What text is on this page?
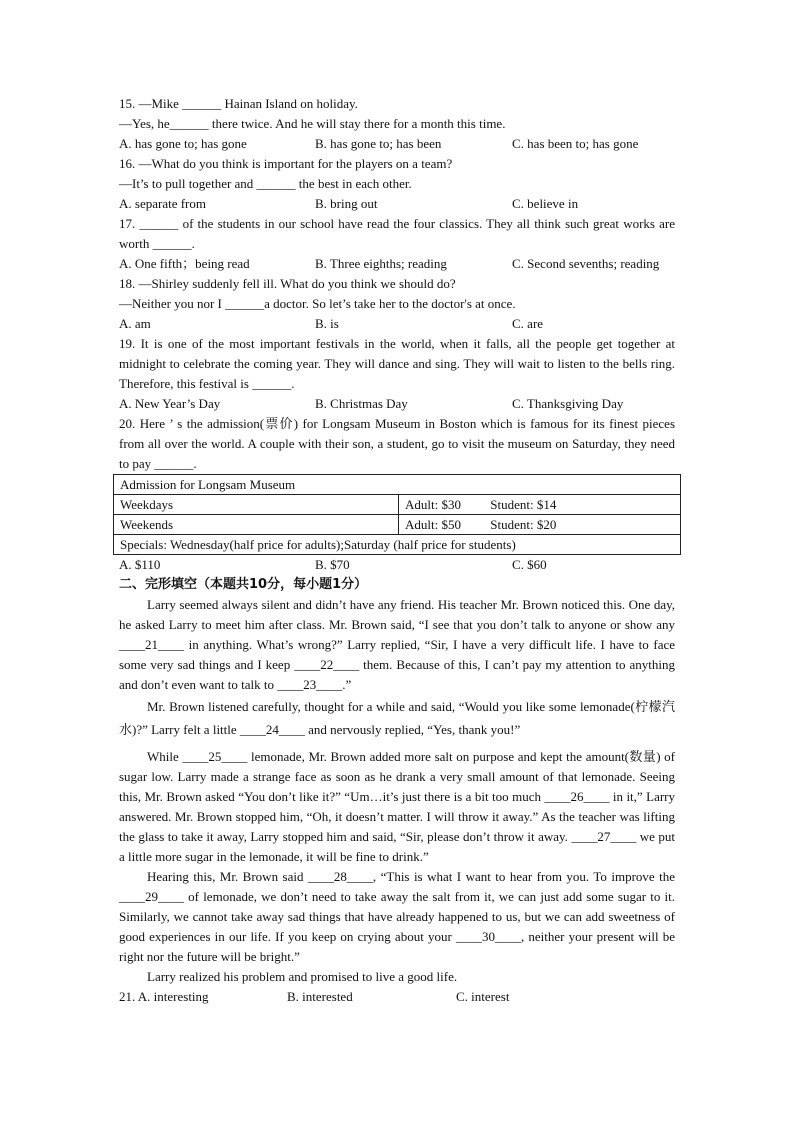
15. —Mike ______ Hainan Island on holiday.
—Yes, he______ there twice. And he will stay there for a month this time.
A. has gone to; has gone	B. has gone to; has been	C. has been to; has gone
16. —What do you think is important for the players on a team?
—It’s to pull together and ______ the best in each other.
A. separate from	B. bring out	C. believe in

17. ______ of the students in our school have read the four classics. They all think such great works are worth ______.

A. One fifth；being read	B. Three eighths; reading	C. Second sevenths; reading
18. —Shirley suddenly fell ill. What do you think we should do?
—Neither you nor I ______a doctor. So let’s take her to the doctor's at once.
A. am	B. is	C. are

19. It is one of the most important festivals in the world, when it falls, all the people get together at midnight to celebrate the coming year. They will dance and sing. They will wait to listen to the bells ring. Therefore, this festival is ______.

A. New Year’s Day	B. Christmas Day	C. Thanksgiving Day

20. Here ’ s the admission(票价) for Longsam Museum in Boston which is famous for its finest pieces from all over the world. A couple with their son, a student, go to visit the museum on Saturday, they need to pay ______.

Admission for Longsam Museum	
Weekdays	Adult: $30 Student: $14
Weekends	Adult: $50 Student: $20
Specials: Wednesday(half price for adults);Saturday (half price for students)	
A. $110	B. $70	C. $60
二、完形填空（本题共10分，每小题1分）

Larry seemed always silent and didn’t have any friend. His teacher Mr. Brown noticed this. One day, he asked Larry to meet him after class. Mr. Brown said, “I see that you don’t talk to anyone or show any ____21____ in anything. What’s wrong?” Larry replied, “Sir, I have a very difficult life. I have to face some very sad things and I keep ____22____ them. Because of this, I can’t pay my attention to anything and don’t even want to talk to ____23____.”

Mr. Brown listened carefully, thought for a while and said, “Would you like some lemonade(柠檬汽水)?” Larry felt a little ____24____ and nervously replied, “Yes, thank you!”

While ____25____ lemonade, Mr. Brown added more salt on purpose and kept the amount(数量) of sugar low. Larry made a strange face as soon as he drank a very small amount of that lemonade. Seeing this, Mr. Brown asked “You don’t like it?” “Um…it’s just there is a bit too much ____26____ in it,” Larry answered. Mr. Brown stopped him, “Oh, it doesn’t matter. I will throw it away.” As the teacher was lifting the glass to take it away, Larry stopped him and said, “Sir, please don’t throw it away. ____27____ we put a little more sugar in the lemonade, it will be fine to drink.”

Hearing this, Mr. Brown said ____28____, “This is what I want to hear from you. To improve the ____29____ of lemonade, we don’t need to take away the salt from it, we can just add some sugar to it. Similarly, we cannot take away sad things that have already happened to us, but we can add sweetness of good experiences in our life. If you keep on crying about your ____30____, neither your present will be right nor the future will be bright.”

Larry realized his problem and promised to live a good life.

21. A. interesting	B. interested	C. interest
